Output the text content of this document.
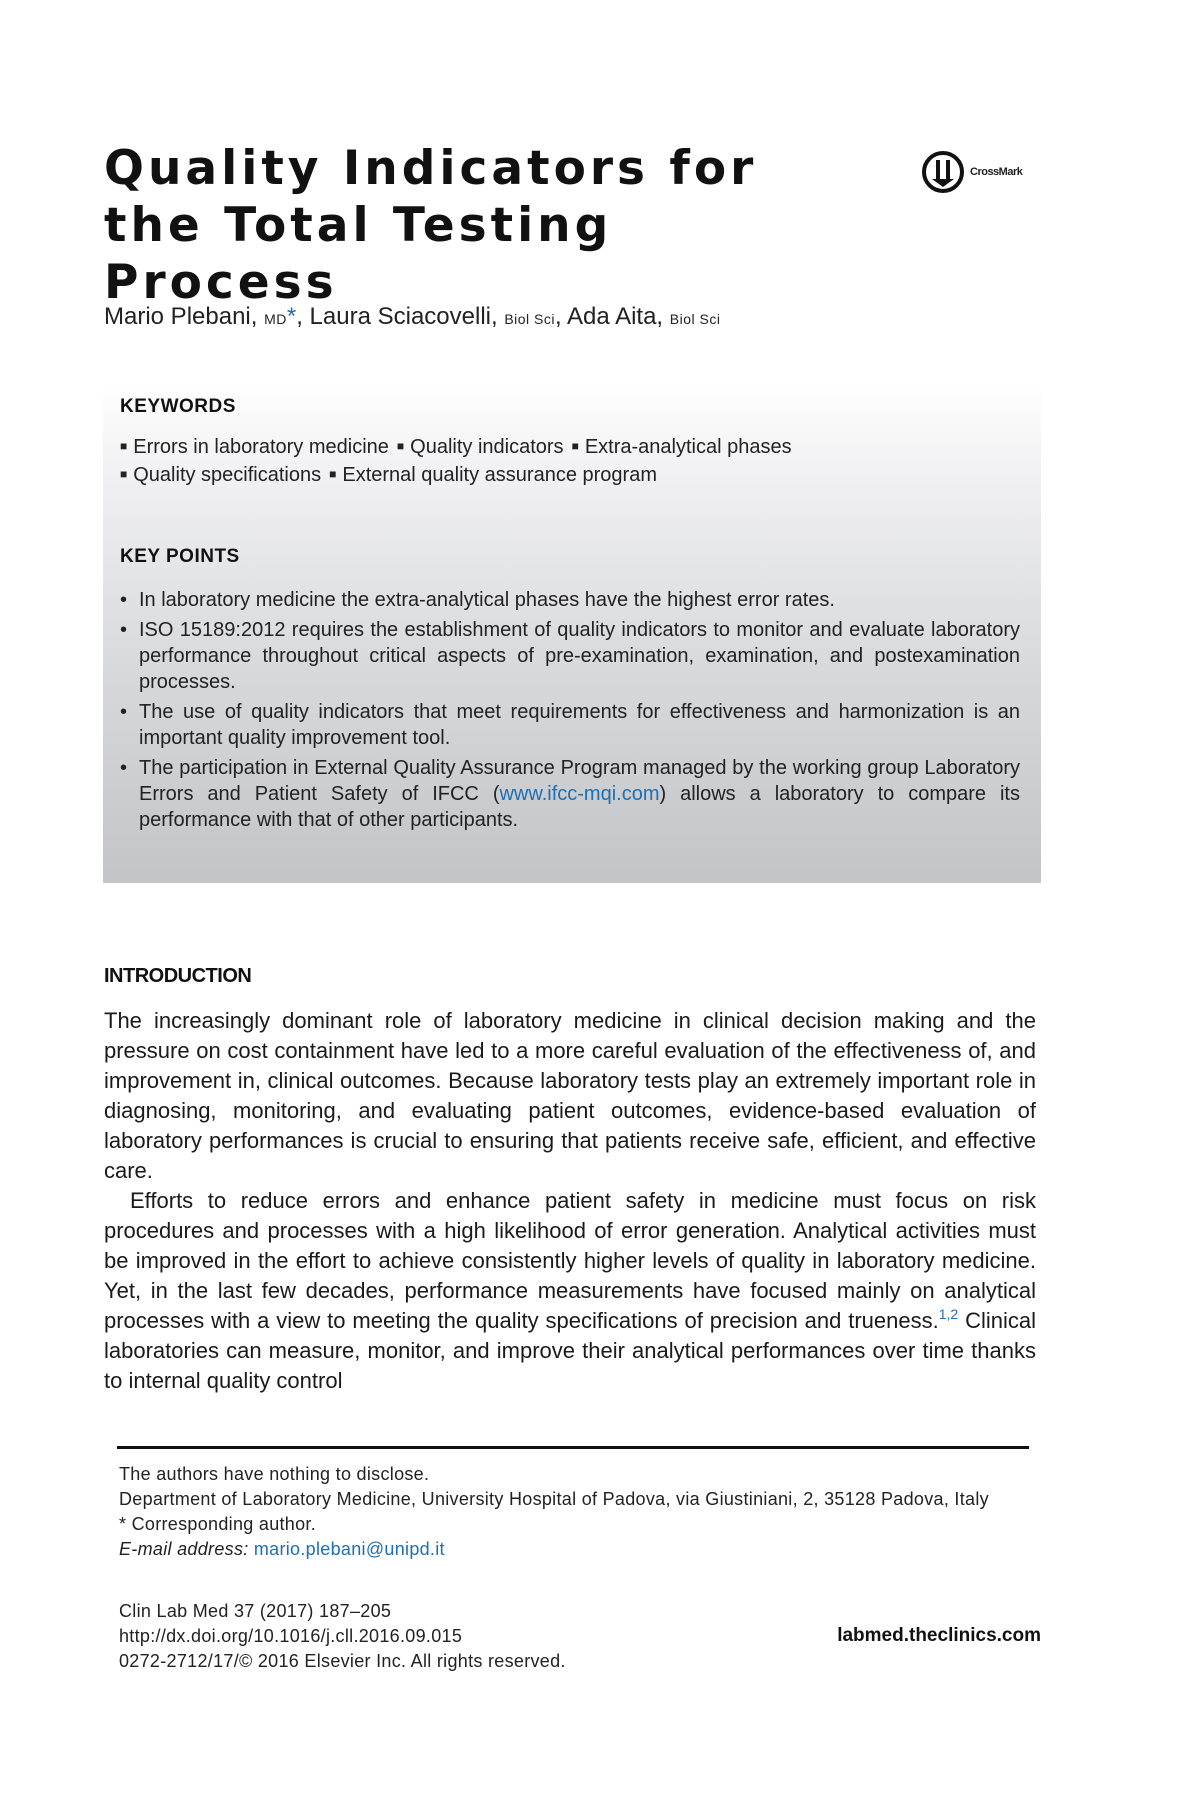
Quality Indicators for the Total Testing Process
CrossMark

Mario Plebani, MD*, Laura Sciacovelli, Biol Sci, Ada Aita, Biol Sci

KEYWORDS

■ Errors in laboratory medicine ■ Quality indicators ■ Extra-analytical phases

■ Quality specifications ■ External quality assurance program

KEY POINTS
• In laboratory medicine the extra-analytical phases have the highest error rates.
• ISO 15189:2012 requires the establishment of quality indicators to monitor and evaluate laboratory performance throughout critical aspects of pre-examination, examination, and postexamination processes.
• The use of quality indicators that meet requirements for effectiveness and harmonization is an important quality improvement tool.
• The participation in External Quality Assurance Program managed by the working group Laboratory Errors and Patient Safety of IFCC (www.ifcc-mqi.com) allows a laboratory to compare its performance with that of other participants.
INTRODUCTION

The increasingly dominant role of laboratory medicine in clinical decision making and the pressure on cost containment have led to a more careful evaluation of the effectiveness of, and improvement in, clinical outcomes. Because laboratory tests play an extremely important role in diagnosing, monitoring, and evaluating patient outcomes, evidence-based evaluation of laboratory performances is crucial to ensuring that patients receive safe, efficient, and effective care.

Efforts to reduce errors and enhance patient safety in medicine must focus on risk procedures and processes with a high likelihood of error generation. Analytical activities must be improved in the effort to achieve consistently higher levels of quality in laboratory medicine. Yet, in the last few decades, performance measurements have focused mainly on analytical processes with a view to meeting the quality specifications of precision and trueness.$^{1,2}$ Clinical laboratories can measure, monitor, and improve their analytical performances over time thanks to internal quality control

The authors have nothing to disclose.

Department of Laboratory Medicine, University Hospital of Padova, via Giustiniani, 2, 35128 Padova, Italy

* Corresponding author.

E-mail address: mario.plebani@unipd.it

Clin Lab Med 37 (2017) 187–205

http://dx.doi.org/10.1016/j.cll.2016.09.015

0272-2712/17/© 2016 Elsevier Inc. All rights reserved.

labmed.theclinics.com
